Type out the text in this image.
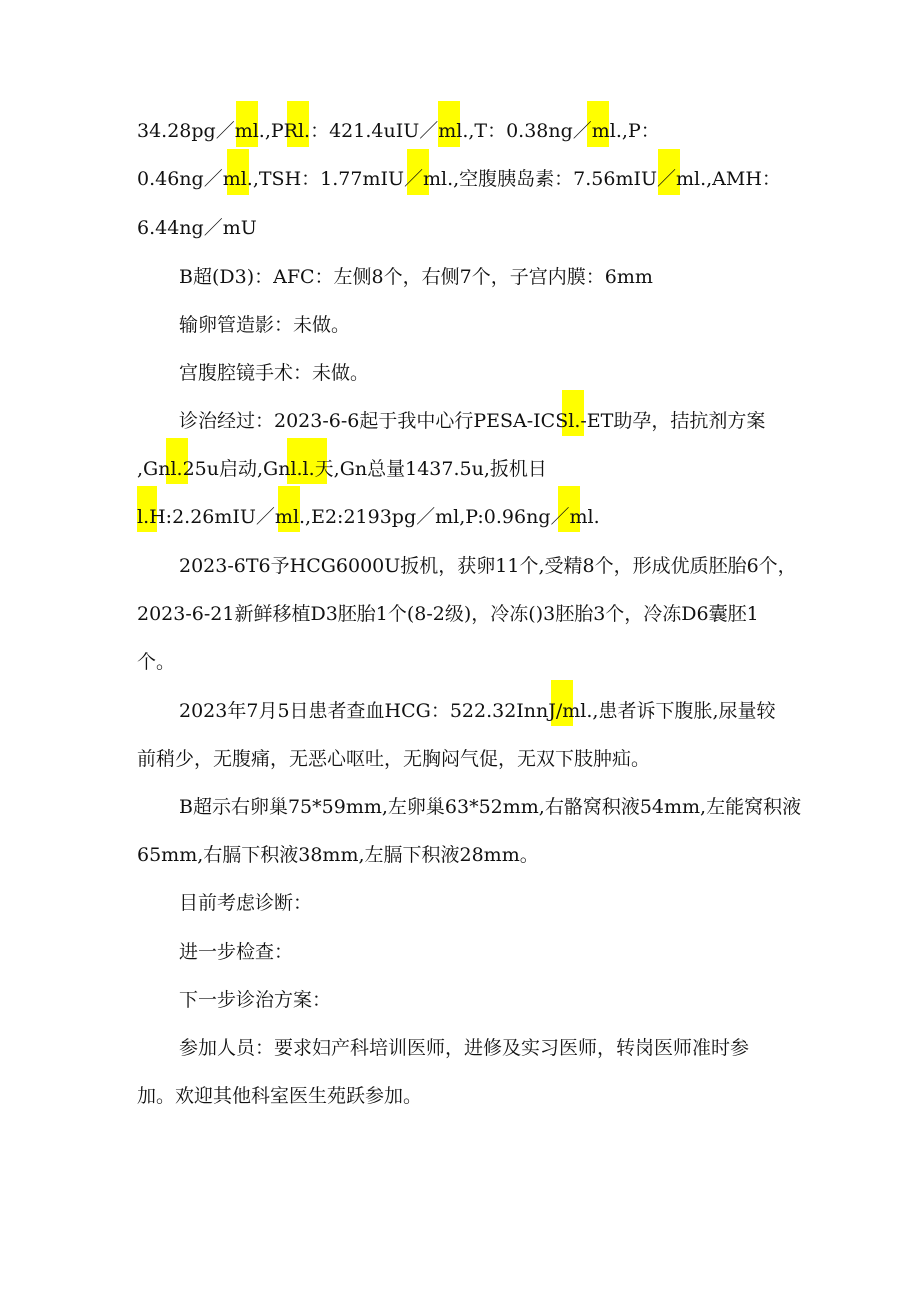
34.28pg／ml.,PRl.：421.4uIU／ml.,T：0.38ng／ml.,P：
0.46ng／ml.,TSH：1.77mIU／ml.,空腹胰岛素：7.56mIU／ml.,AMH：
6.44ng／mU
B超(D3)：AFC：左侧8个，右侧7个，子宫内膜：6mm
输卵管造影：未做。
宫腹腔镜手术：未做。
诊治经过：2023-6-6起于我中心行PESA-ICSl.-ET助孕，拮抗剂方案
,Gnl.25u启动,Gnl.l.天,Gn总量1437.5u,扳机日
l.H:2.26mIU／ml.,E2:2193pg／ml,P:0.96ng／ml.
2023-6T6予HCG6000U扳机，获卵11个,受精8个，形成优质胚胎6个，
2023-6-21新鲜移植D3胚胎1个(8-2级)，冷冻()3胚胎3个，冷冻D6囊胚1
个。
2023年7月5日患者查血HCG：522.32InnJ/ml.,患者诉下腹胀,尿量较
前稍少，无腹痛，无恶心呕吐，无胸闷气促，无双下肢肿疝。
B超示右卵巢75*59mm,左卵巢63*52mm,右骼窝积液54mm,左能窝积液
65mm,右膈下积液38mm,左膈下积液28mm。
目前考虑诊断：
进一步检查：
下一步诊治方案：
参加人员：要求妇产科培训医师，进修及实习医师，转岗医师准时参
加。欢迎其他科室医生苑跃参加。
